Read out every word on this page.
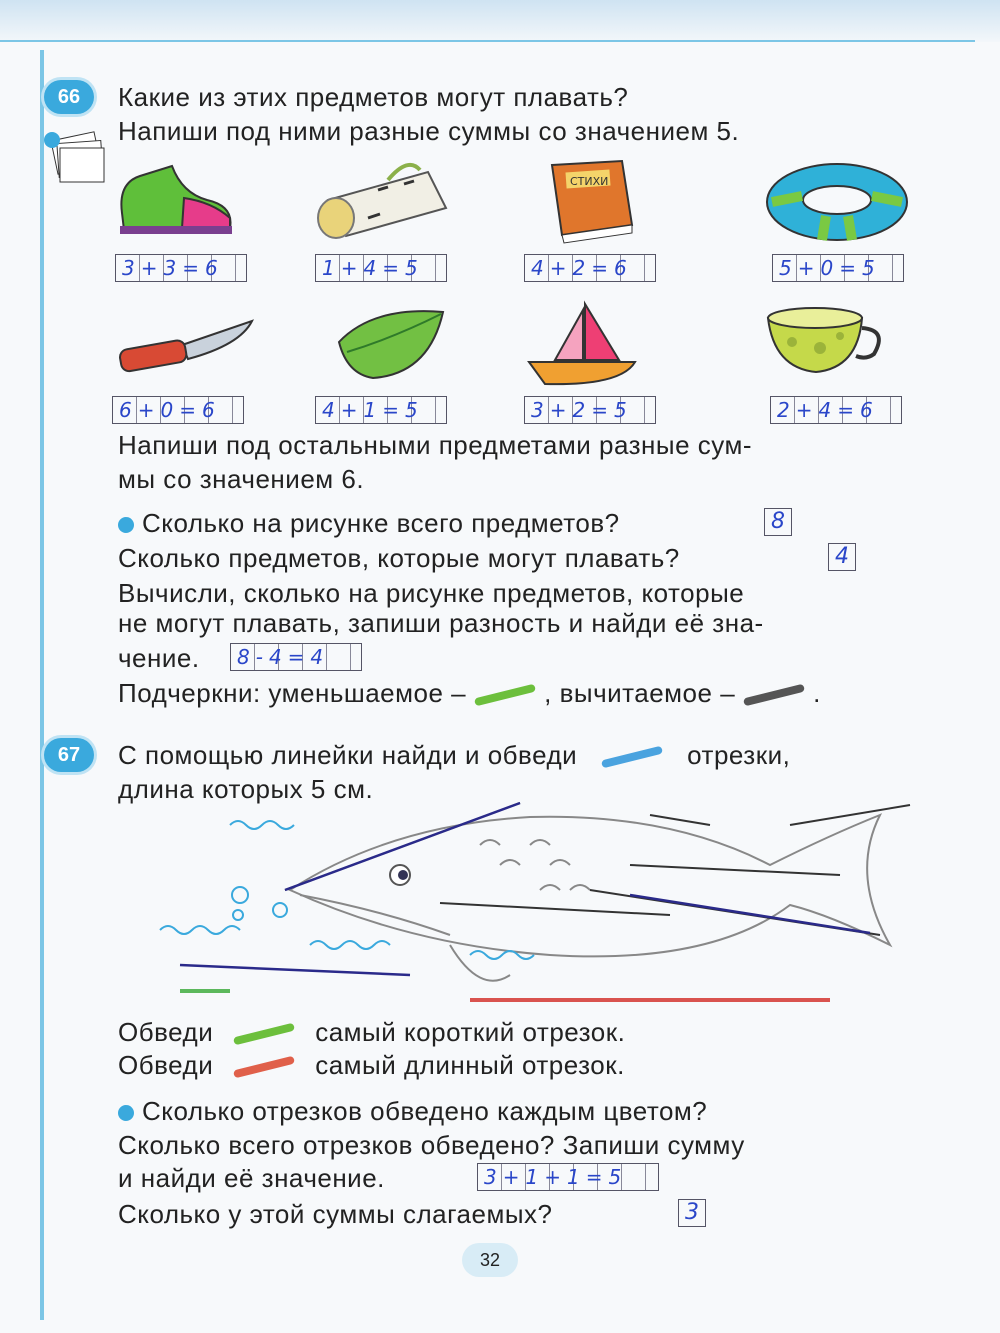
66	Какие из этих предметов могут плавать?
Напиши под ними разные суммы со значением 5.
СТИХИ
3+3=6	1+4=5	4+2=6	5+0=5
6+0=6	4+1=5	3+2=5	2+4=6
Напиши под остальными предметами разные сум-
мы со значением 6.
Сколько на рисунке всего предметов?	8
Сколько предметов, которые могут плавать?	4
Вычисли, сколько на рисунке предметов, которые
не могут плавать, запиши разность и найди её зна-
чение.	8-4=4
Подчеркни: уменьшаемое –	, вычитаемое –	.
67	С помощью линейки найди и обведи	отрезки,
длина которых 5 см.
Обведи	самый короткий отрезок.
Обведи	самый длинный отрезок.
Сколько отрезков обведено каждым цветом?
Сколько всего отрезков обведено? Запиши сумму
и найди её значение.	3+1+1=5
Сколько у этой суммы слагаемых?	3
32
